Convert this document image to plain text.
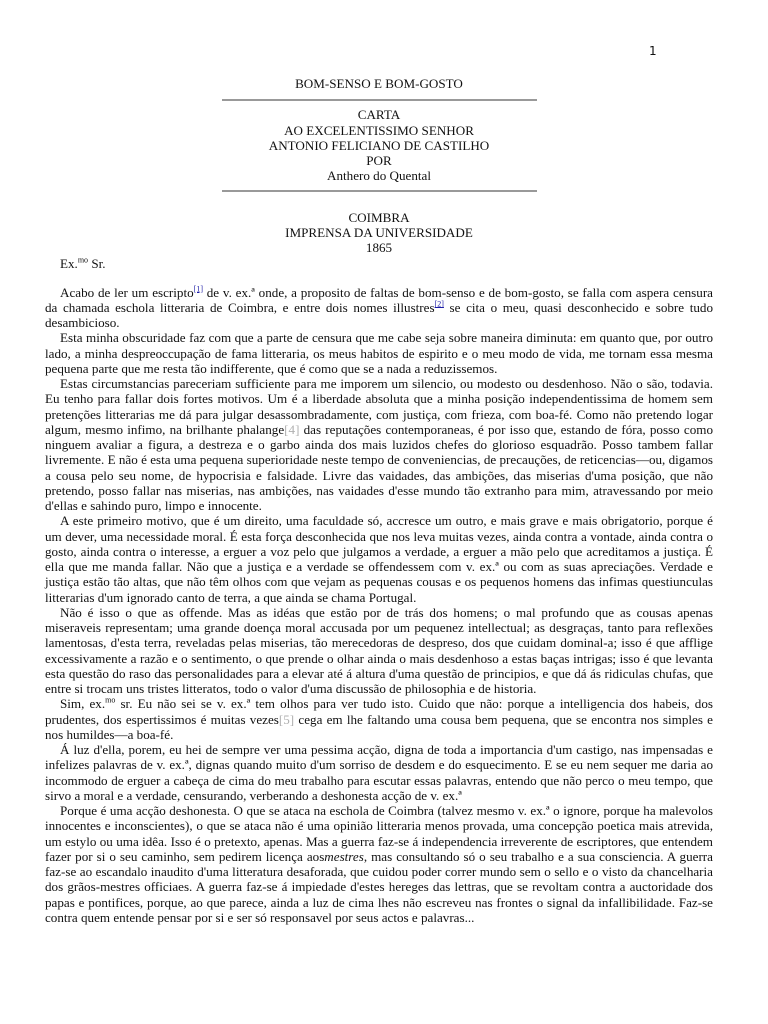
1
BOM-SENSO E BOM-GOSTO
CARTA
AO EXCELENTISSIMO SENHOR
ANTONIO FELICIANO DE CASTILHO
POR
Anthero do Quental
COIMBRA
IMPRENSA DA UNIVERSIDADE
1865
Ex.$^{mo}$ Sr.

Acabo de ler um escripto[1] de v. ex.ª onde, a proposito de faltas de bom-senso e de bom-gosto, se falla com aspera censura da chamada eschola litteraria de Coimbra, e entre dois nomes illustres[2] se cita o meu, quasi desconhecido e sobre tudo desambicioso.

Esta minha obscuridade faz com que a parte de censura que me cabe seja sobre maneira diminuta: em quanto que, por outro lado, a minha despreoccupação de fama litteraria, os meus habitos de espirito e o meu modo de vida, me tornam essa mesma pequena parte que me resta tão indifferente, que é como que se a nada a reduzissemos.

Estas circumstancias pareceriam sufficiente para me imporem um silencio, ou modesto ou desdenhoso. Não o são, todavia. Eu tenho para fallar dois fortes motivos. Um é a liberdade absoluta que a minha posição independentissima de homem sem pretenções litterarias me dá para julgar desassombradamente, com justiça, com frieza, com boa-fé. Como não pretendo logar algum, mesmo infimo, na brilhante phalange[4] das reputações contemporaneas, é por isso que, estando de fóra, posso como ninguem avaliar a figura, a destreza e o garbo ainda dos mais luzidos chefes do glorioso esquadrão. Posso tambem fallar livremente. E não é esta uma pequena superioridade neste tempo de conveniencias, de precauções, de reticencias—ou, digamos a cousa pelo seu nome, de hypocrisia e falsidade. Livre das vaidades, das ambições, das miserias d'uma posição, que não pretendo, posso fallar nas miserias, nas ambições, nas vaidades d'esse mundo tão extranho para mim, atravessando por meio d'ellas e sahindo puro, limpo e innocente.

A este primeiro motivo, que é um direito, uma faculdade só, accresce um outro, e mais grave e mais obrigatorio, porque é um dever, uma necessidade moral. É esta força desconhecida que nos leva muitas vezes, ainda contra a vontade, ainda contra o gosto, ainda contra o interesse, a erguer a voz pelo que julgamos a verdade, a erguer a mão pelo que acreditamos a justiça. É ella que me manda fallar. Não que a justiça e a verdade se offendessem com v. ex.ª ou com as suas apreciações. Verdade e justiça estão tão altas, que não têm olhos com que vejam as pequenas cousas e os pequenos homens das infimas questiunculas litterarias d'um ignorado canto de terra, a que ainda se chama Portugal.

Não é isso o que as offende. Mas as idéas que estão por de trás dos homens; o mal profundo que as cousas apenas miseraveis representam; uma grande doença moral accusada por um pequenez intellectual; as desgraças, tanto para reflexões lamentosas, d'esta terra, reveladas pelas miserias, tão merecedoras de despreso, dos que cuidam dominal-a; isso é que afflige excessivamente a razão e o sentimento, o que prende o olhar ainda o mais desdenhoso a estas baças intrigas; isso é que levanta esta questão do raso das personalidades para a elevar até á altura d'uma questão de principios, e que dá ás ridiculas chufas, que entre si trocam uns tristes litteratos, todo o valor d'uma discussão de philosophia e de historia.

Sim, ex.$^{mo}$ sr. Eu não sei se v. ex.ª tem olhos para ver tudo isto. Cuido que não: porque a intelligencia dos habeis, dos prudentes, dos espertissimos é muitas vezes[5] cega em lhe faltando uma cousa bem pequena, que se encontra nos simples e nos humildes—a boa-fé.

Á luz d'ella, porem, eu hei de sempre ver uma pessima acção, digna de toda a importancia d'um castigo, nas impensadas e infelizes palavras de v. ex.ª, dignas quando muito d'um sorriso de desdem e do esquecimento. E se eu nem sequer me daria ao incommodo de erguer a cabeça de cima do meu trabalho para escutar essas palavras, entendo que não perco o meu tempo, que sirvo a moral e a verdade, censurando, verberando a deshonesta acção de v. ex.ª

Porque é uma acção deshonesta. O que se ataca na eschola de Coimbra (talvez mesmo v. ex.ª o ignore, porque ha malevolos innocentes e inconscientes), o que se ataca não é uma opinião litteraria menos provada, uma concepção poetica mais atrevida, um estylo ou uma idêa. Isso é o pretexto, apenas. Mas a guerra faz-se á independencia irreverente de escriptores, que entendem fazer por si o seu caminho, sem pedirem licença aosmestres, mas consultando só o seu trabalho e a sua consciencia. A guerra faz-se ao escandalo inaudito d'uma litteratura desaforada, que cuidou poder correr mundo sem o sello e o visto da chancelharia dos grãos-mestres officiaes. A guerra faz-se á impiedade d'estes hereges das lettras, que se revoltam contra a auctoridade dos papas e pontifices, porque, ao que parece, ainda a luz de cima lhes não escreveu nas frontes o signal da infallibilidade. Faz-se contra quem entende pensar por si e ser só responsavel por seus actos e palavras...
